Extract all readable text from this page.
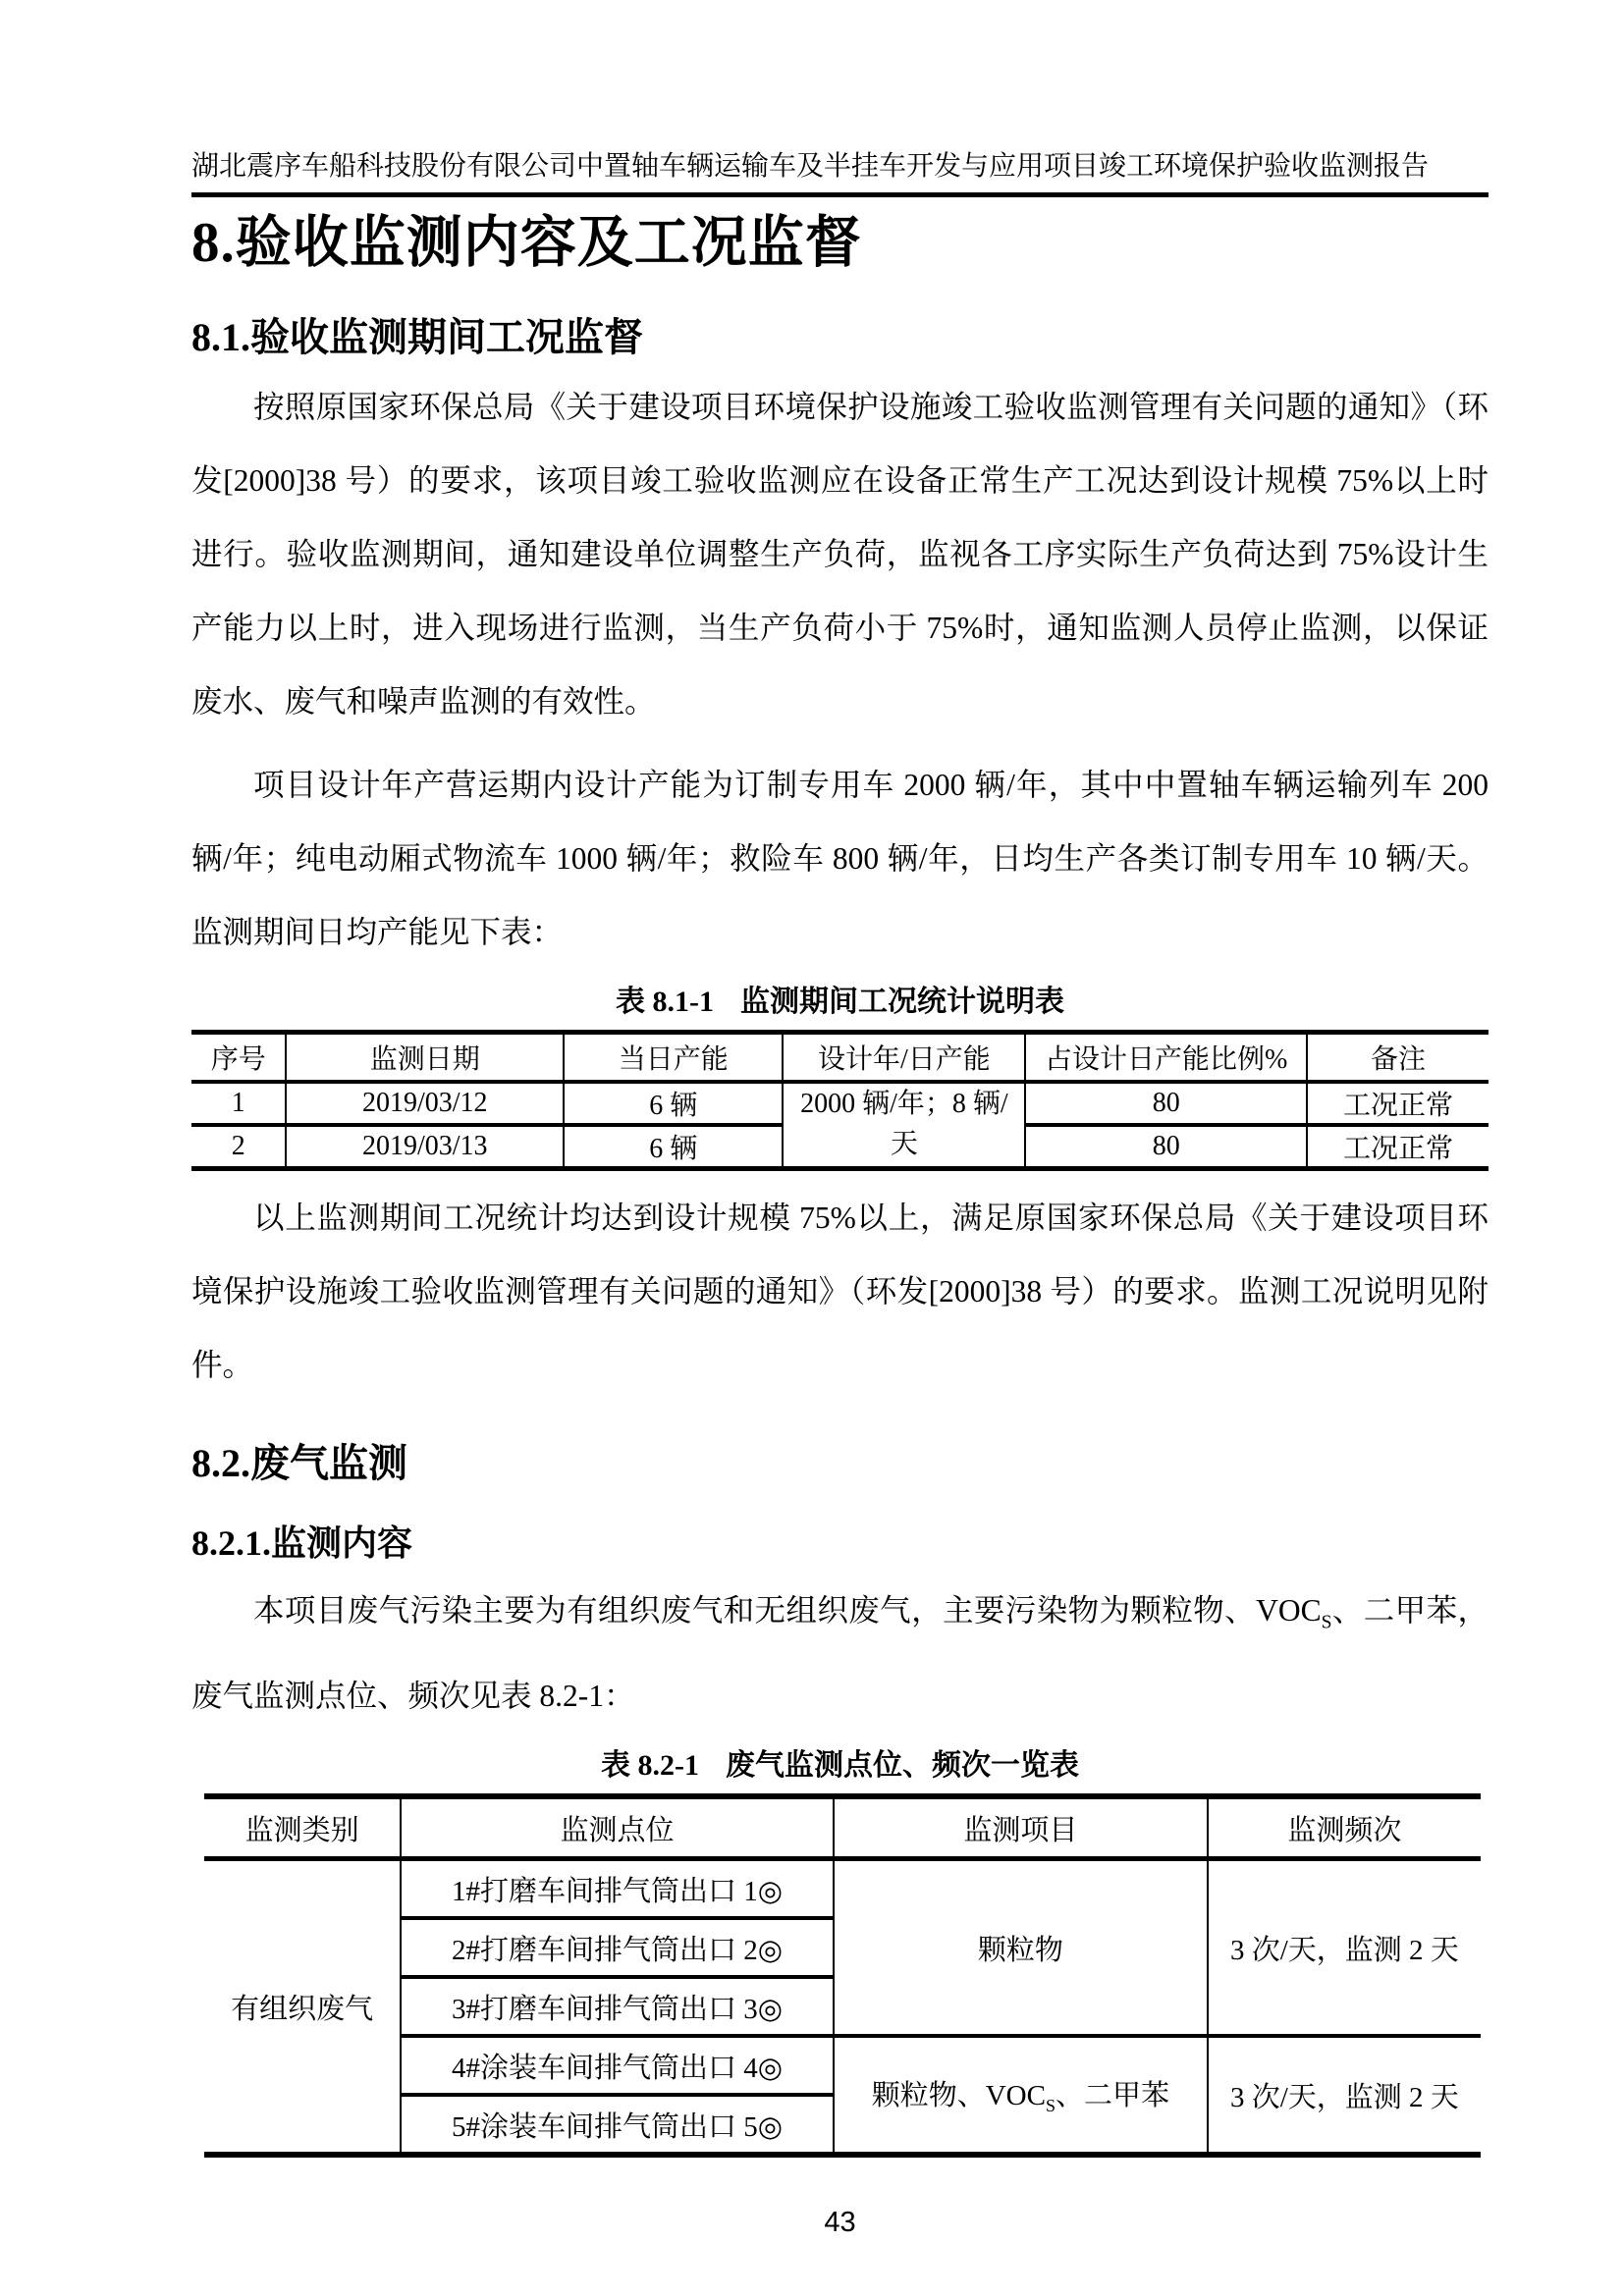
湖北震序车船科技股份有限公司中置轴车辆运输车及半挂车开发与应用项目竣工环境保护验收监测报告
8.验收监测内容及工况监督
8.1.验收监测期间工况监督

按照原国家环保总局《关于建设项目环境保护设施竣工验收监测管理有关问题的通知》（环发[2000]38 号）的要求，该项目竣工验收监测应在设备正常生产工况达到设计规模 75%以上时进行。验收监测期间，通知建设单位调整生产负荷，监视各工序实际生产负荷达到 75%设计生产能力以上时，进入现场进行监测，当生产负荷小于 75%时，通知监测人员停止监测，以保证废水、废气和噪声监测的有效性。

项目设计年产营运期内设计产能为订制专用车 2000 辆/年，其中中置轴车辆运输列车 200 辆/年；纯电动厢式物流车 1000 辆/年；救险车 800 辆/年，日均生产各类订制专用车 10 辆/天。监测期间日均产能见下表：

表 8.1-1 监测期间工况统计说明表
序号	监测日期	当日产能	设计年/日产能	占设计日产能比例%	备注
1	2019/03/12	6 辆	2000 辆/年；8 辆/天	80	工况正常
2	2019/03/13	6 辆		80	工况正常

以上监测期间工况统计均达到设计规模 75%以上，满足原国家环保总局《关于建设项目环境保护设施竣工验收监测管理有关问题的通知》（环发[2000]38 号）的要求。监测工况说明见附件。

8.2.废气监测
8.2.1.监测内容

本项目废气污染主要为有组织废气和无组织废气，主要污染物为颗粒物、$VOC_S$、二甲苯，废气监测点位、频次见表 8.2-1：

表 8.2-1 废气监测点位、频次一览表
监测类别	监测点位	监测项目	监测频次
有组织废气	1#打磨车间排气筒出口 1◎	颗粒物	3 次/天，监测 2 天
	2#打磨车间排气筒出口 2◎		
	3#打磨车间排气筒出口 3◎		
	4#涂装车间排气筒出口 4◎	颗粒物、$VOC_S$、二甲苯	3 次/天，监测 2 天
	5#涂装车间排气筒出口 5◎		
43
